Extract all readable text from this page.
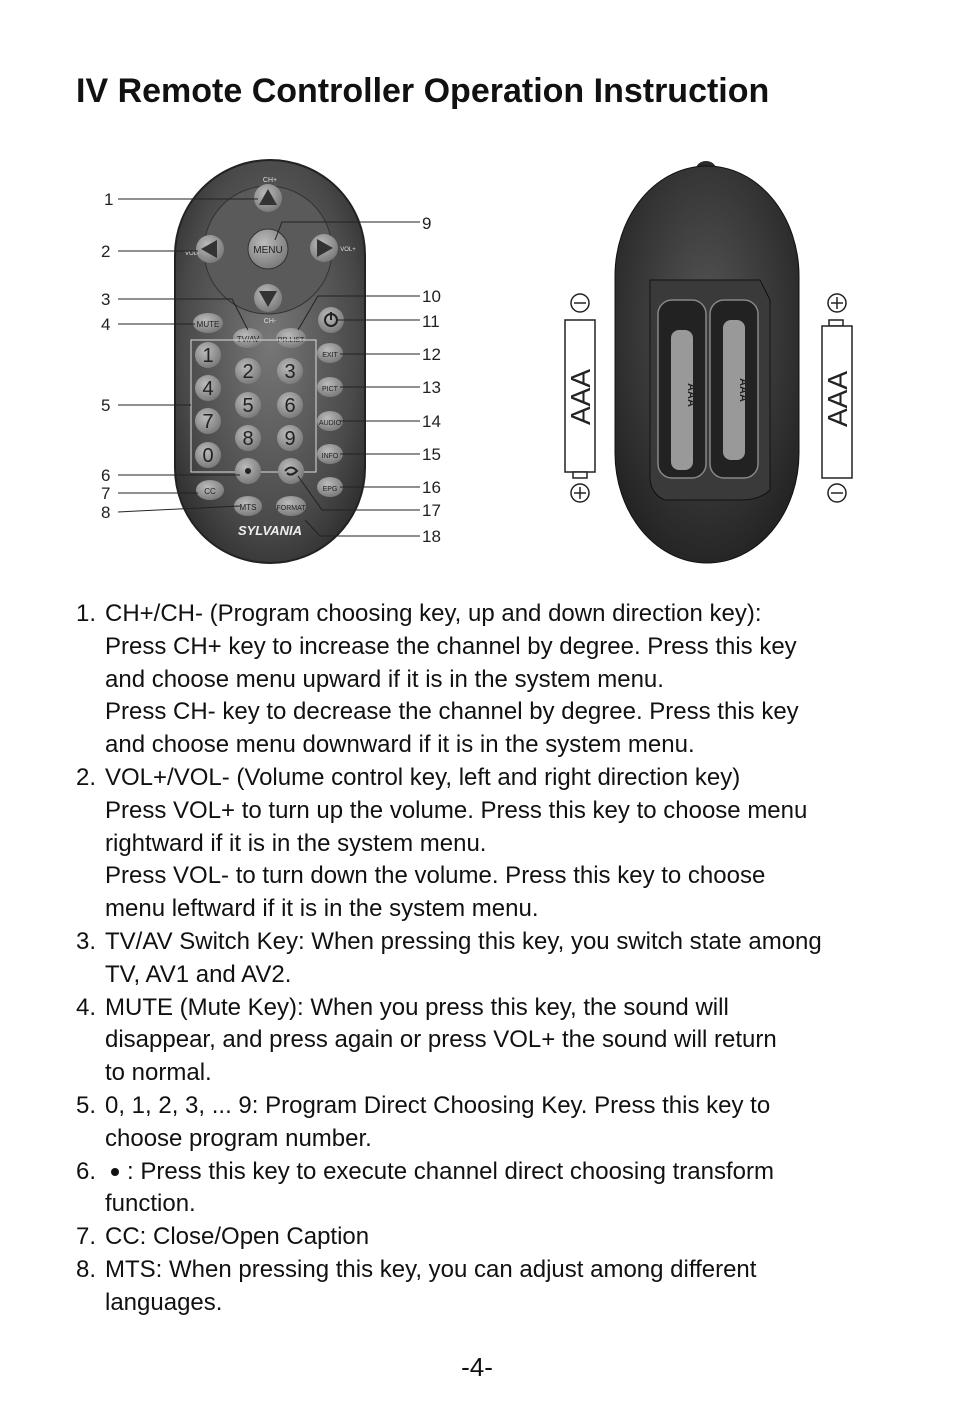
IV Remote Controller Operation Instruction
MENU
CH+
CH-
VOL+
VOL-
MUTE
TV/AV	PR.LIST
EXIT
PICT
AUDIO
INFO
EPG
1
2 3
4
5 6
7
8 9
0
CC
MTS	FORMAT
SYLVANIA
1
2
3
4
5
6
7
8
9
10
11
12
13
14
15
16
17
18
AAA	AAA
AAA	AAA
1. CH+/CH- (Program choosing key, up and down direction key):
Press CH+ key to increase the channel by degree. Press this key
and choose menu upward if it is in the system menu.
Press CH- key to decrease the channel by degree. Press this key
and choose menu downward if it is in the system menu.
2. VOL+/VOL- (Volume control key, left and right direction key)
Press VOL+ to turn up the volume. Press this key to choose menu
rightward if it is in the system menu.
Press VOL- to turn down the volume. Press this key to choose
menu leftward if it is in the system menu.
3. TV/AV Switch Key: When pressing this key, you switch state among
TV, AV1 and AV2.
4. MUTE (Mute Key): When you press this key, the sound will
disappear, and press again or press VOL+ the sound will return
to normal.
5. 0, 1, 2, 3, ... 9: Program Direct Choosing Key. Press this key to
choose program number.
6.	: Press this key to execute channel direct choosing transform
function.
7. CC: Close/Open Caption
8. MTS: When pressing this key, you can adjust among different
languages.
-4-
